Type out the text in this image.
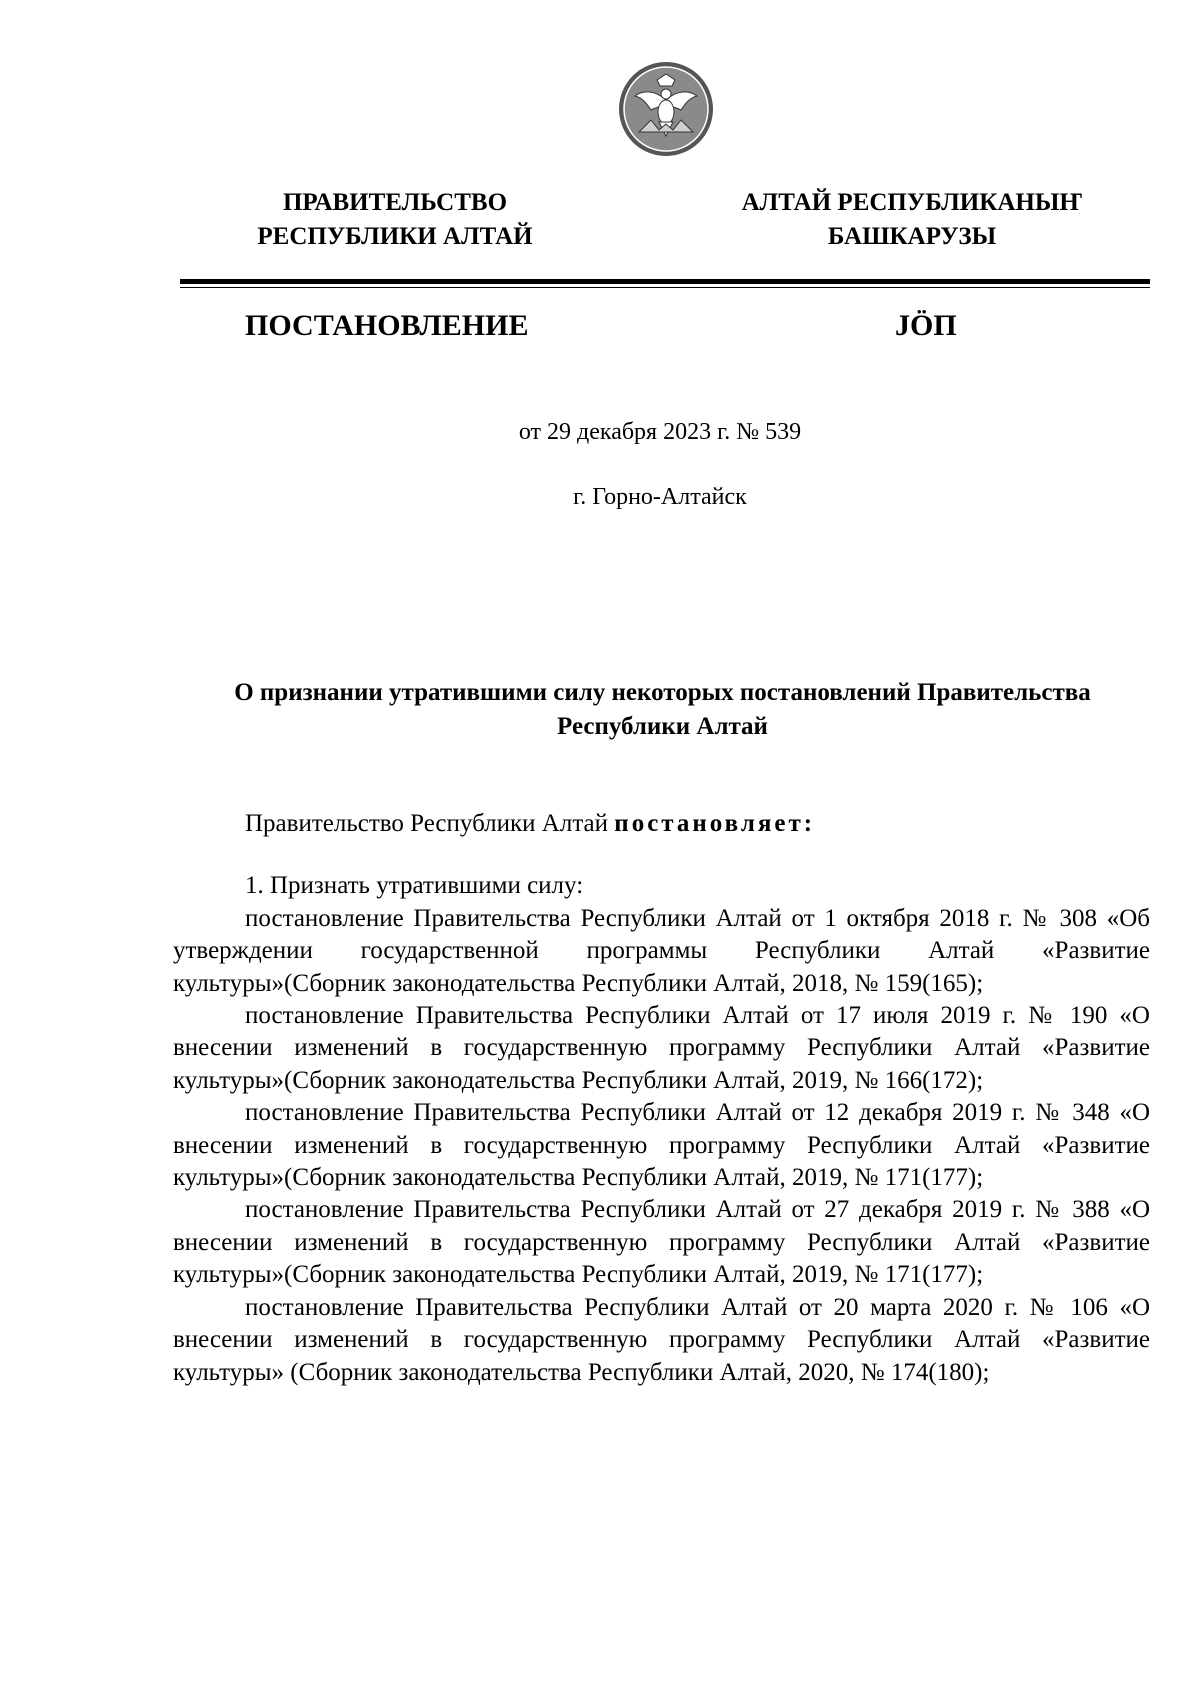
ПРАВИТЕЛЬСТВО
РЕСПУБЛИКИ АЛТАЙ
АЛТАЙ РЕСПУБЛИКАНЫҤ
БАШКАРУЗЫ
ПОСТАНОВЛЕНИЕ	JӦП
от 29 декабря 2023 г. № 539
г. Горно-Алтайск
О признании утратившими силу некоторых постановлений Правительства
Республики Алтай

Правительство Республики Алтай постановляет:

1. Признать утратившими силу:

постановление Правительства Республики Алтай от 1 октября 2018 г. № 308 «Об утверждении государственной программы Республики Алтай «Развитие культуры»(Сборник законодательства Республики Алтай, 2018, № 159(165);

постановление Правительства Республики Алтай от 17 июля 2019 г. № 190 «О внесении изменений в государственную программу Республики Алтай «Развитие культуры»(Сборник законодательства Республики Алтай, 2019, № 166(172);

постановление Правительства Республики Алтай от 12 декабря 2019 г. № 348 «О внесении изменений в государственную программу Республики Алтай «Развитие культуры»(Сборник законодательства Республики Алтай, 2019, № 171(177);

постановление Правительства Республики Алтай от 27 декабря 2019 г. № 388 «О внесении изменений в государственную программу Республики Алтай «Развитие культуры»(Сборник законодательства Республики Алтай, 2019, № 171(177);

постановление Правительства Республики Алтай от 20 марта 2020 г. № 106 «О внесении изменений в государственную программу Республики Алтай «Развитие культуры» (Сборник законодательства Республики Алтай, 2020, № 174(180);
